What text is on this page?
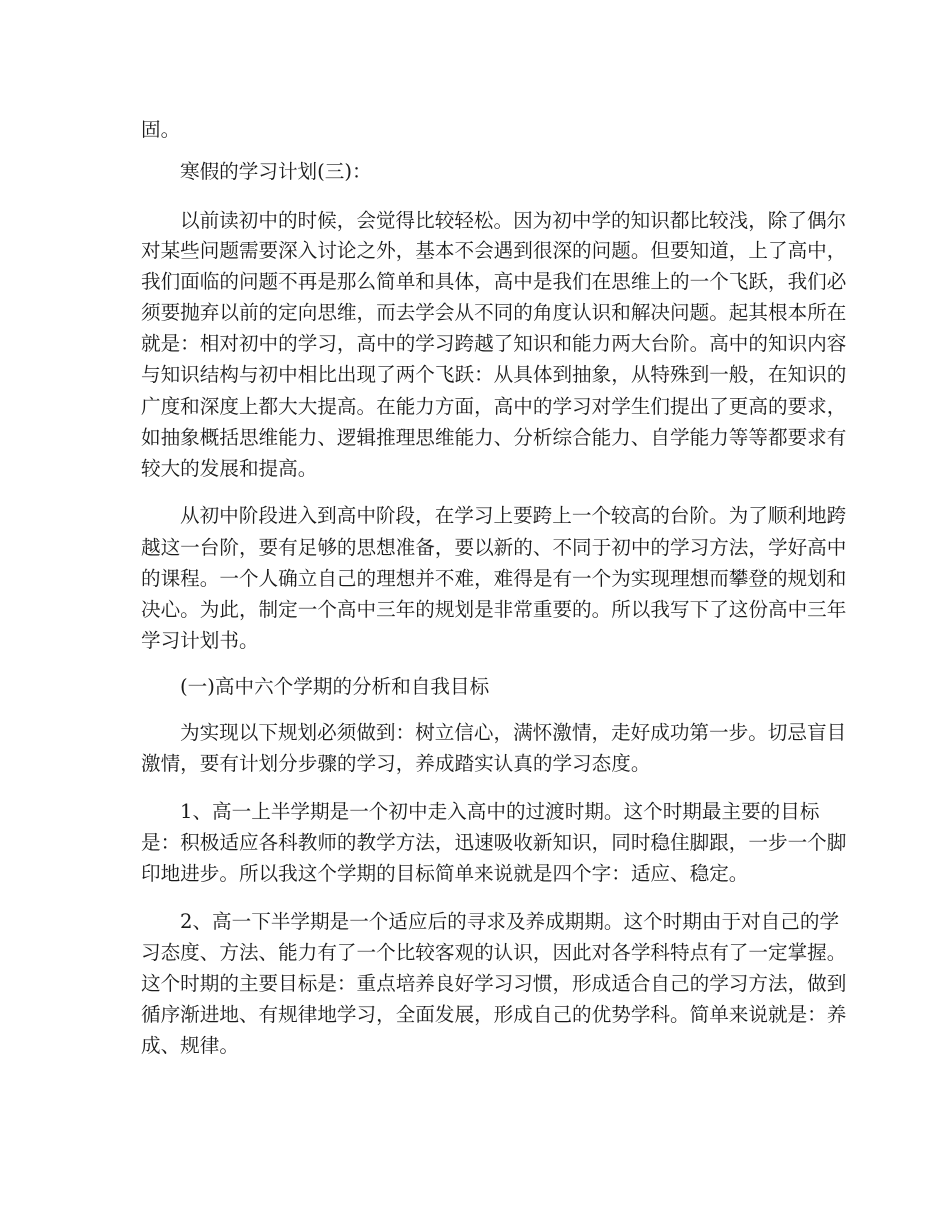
固。
寒假的学习计划(三)：
以前读初中的时候，会觉得比较轻松。因为初中学的知识都比较浅，除了偶尔
对某些问题需要深入讨论之外，基本不会遇到很深的问题。但要知道，上了高中，
我们面临的问题不再是那么简单和具体，高中是我们在思维上的一个飞跃，我们必
须要抛弃以前的定向思维，而去学会从不同的角度认识和解决问题。起其根本所在
就是：相对初中的学习，高中的学习跨越了知识和能力两大台阶。高中的知识内容
与知识结构与初中相比出现了两个飞跃：从具体到抽象，从特殊到一般，在知识的
广度和深度上都大大提高。在能力方面，高中的学习对学生们提出了更高的要求，
如抽象概括思维能力、逻辑推理思维能力、分析综合能力、自学能力等等都要求有
较大的发展和提高。
从初中阶段进入到高中阶段，在学习上要跨上一个较高的台阶。为了顺利地跨
越这一台阶，要有足够的思想准备，要以新的、不同于初中的学习方法，学好高中
的课程。一个人确立自己的理想并不难，难得是有一个为实现理想而攀登的规划和
决心。为此，制定一个高中三年的规划是非常重要的。所以我写下了这份高中三年
学习计划书。
(一)高中六个学期的分析和自我目标
为实现以下规划必须做到：树立信心，满怀激情，走好成功第一步。切忌盲目
激情，要有计划分步骤的学习，养成踏实认真的学习态度。
1、高一上半学期是一个初中走入高中的过渡时期。这个时期最主要的目标
是：积极适应各科教师的教学方法，迅速吸收新知识，同时稳住脚跟，一步一个脚
印地进步。所以我这个学期的目标简单来说就是四个字：适应、稳定。
2、高一下半学期是一个适应后的寻求及养成期期。这个时期由于对自己的学
习态度、方法、能力有了一个比较客观的认识，因此对各学科特点有了一定掌握。
这个时期的主要目标是：重点培养良好学习习惯，形成适合自己的学习方法，做到
循序渐进地、有规律地学习，全面发展，形成自己的优势学科。简单来说就是：养
成、规律。
